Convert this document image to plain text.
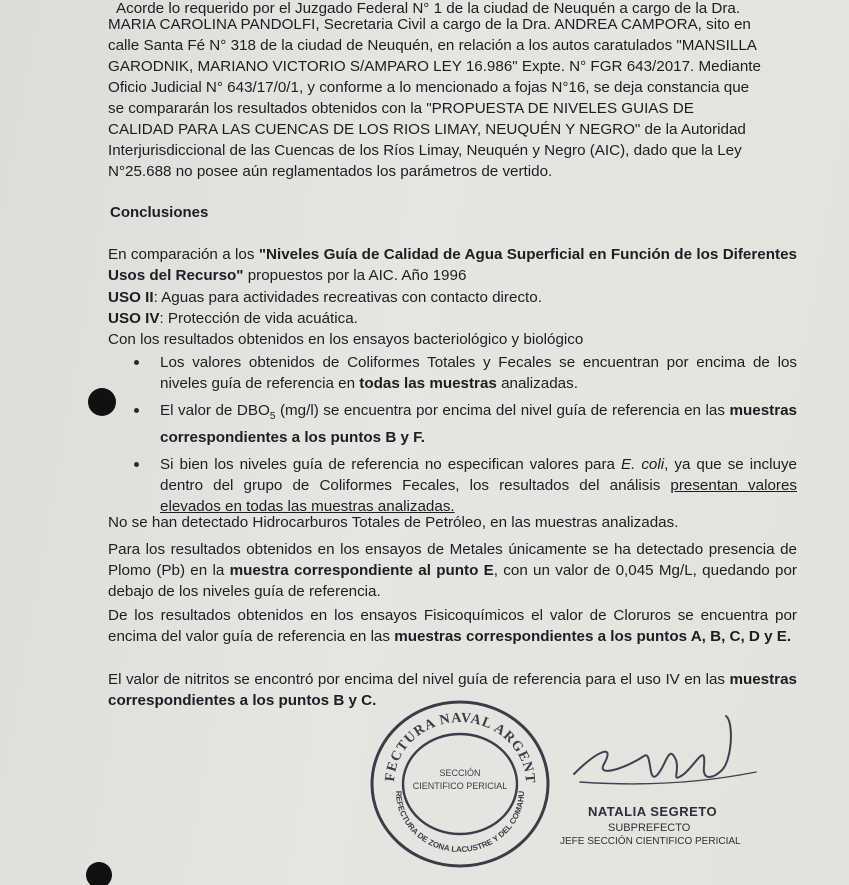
Acorde lo requerido por el Juzgado Federal N° 1 de la ciudad de Neuquén a cargo de la Dra.
MARIA CAROLINA PANDOLFI, Secretaria Civil a cargo de la Dra. ANDREA CAMPORA, sito en
calle Santa Fé N° 318 de la ciudad de Neuquén, en relación a los autos caratulados "MANSILLA
GARODNIK, MARIANO VICTORIO S/AMPARO LEY 16.986" Expte. N° FGR 643/2017. Mediante
Oficio Judicial N° 643/17/0/1, y conforme a lo mencionado a fojas N°16, se deja constancia que
se compararán los resultados obtenidos con la "PROPUESTA DE NIVELES GUIAS DE
CALIDAD PARA LAS CUENCAS DE LOS RIOS LIMAY, NEUQUÉN Y NEGRO" de la Autoridad
Interjurisdiccional de las Cuencas de los Ríos Limay, Neuquén y Negro (AIC), dado que la Ley
N°25.688 no posee aún reglamentados los parámetros de vertido.
Conclusiones

En comparación a los "Niveles Guía de Calidad de Agua Superficial en Función de los Diferentes Usos del Recurso" propuestos por la AIC. Año 1996

USO II: Aguas para actividades recreativas con contacto directo.
USO IV: Protección de vida acuática.
Con los resultados obtenidos en los ensayos bacteriológico y biológico
Los valores obtenidos de Coliformes Totales y Fecales se encuentran por encima de los niveles guía de referencia en todas las muestras analizadas.
El valor de $DBO_5$ (mg/l) se encuentra por encima del nivel guía de referencia en las muestras correspondientes a los puntos B y F.
Si bien los niveles guía de referencia no especifican valores para E. coli, ya que se incluye dentro del grupo de Coliformes Fecales, los resultados del análisis presentan valores elevados en todas las muestras analizadas.
No se han detectado Hidrocarburos Totales de Petróleo, en las muestras analizadas.

Para los resultados obtenidos en los ensayos de Metales únicamente se ha detectado presencia de Plomo (Pb) en la muestra correspondiente al punto E, con un valor de 0,045 Mg/L, quedando por debajo de los niveles guía de referencia.

De los resultados obtenidos en los ensayos Fisicoquímicos el valor de Cloruros se encuentra por encima del valor guía de referencia en las muestras correspondientes a los puntos A, B, C, D y E.

El valor de nitritos se encontró por encima del nivel guía de referencia para el uso IV en las muestras correspondientes a los puntos B y C.

FECTURA NAVAL ARGENT
REFECTURA DE ZONA LACUSTRE Y DEL COMAHU
SECCIÓN
CIENTIFICO PERICIAL
NATALIA SEGRETO
SUBPREFECTO
JEFE SECCIÓN CIENTIFICO PERICIAL
